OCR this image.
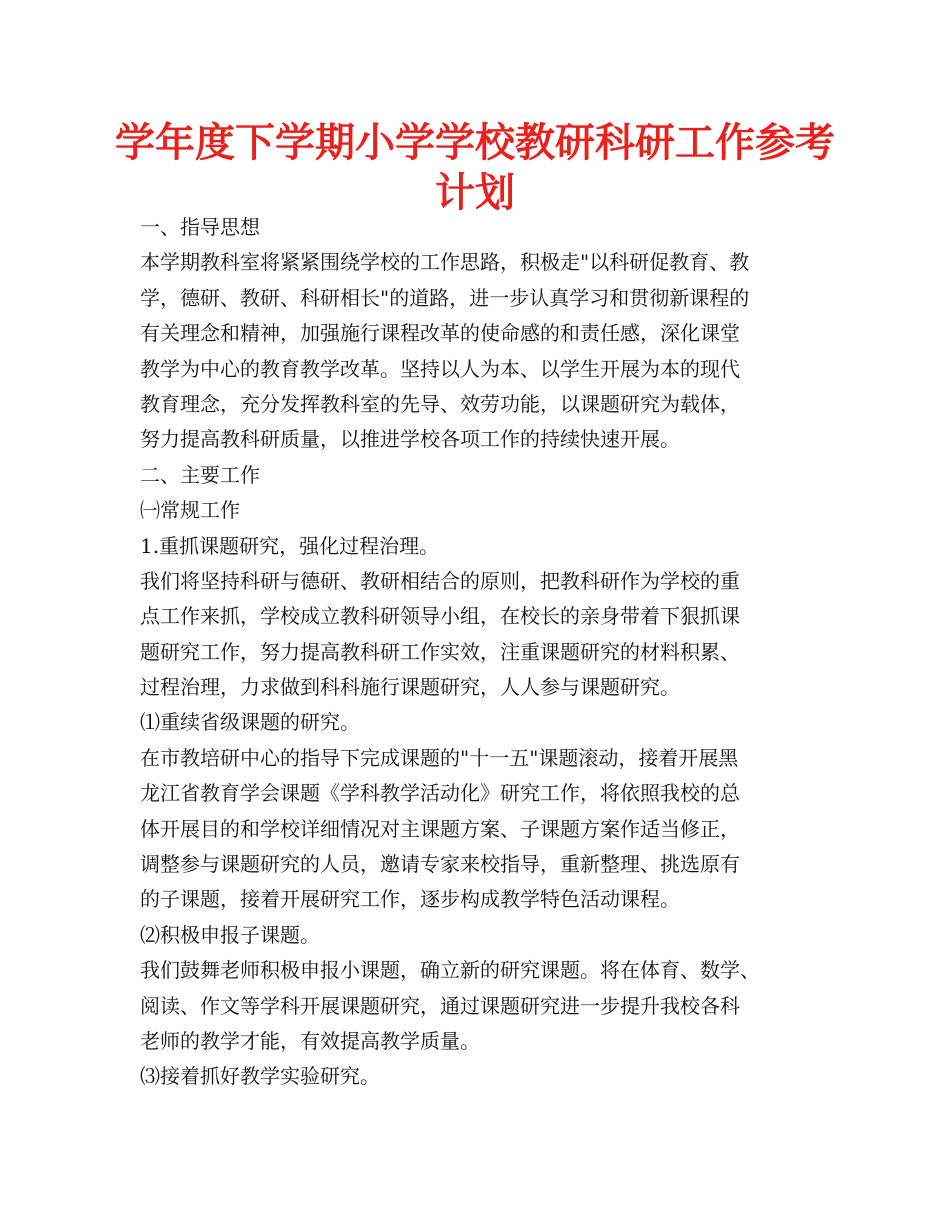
学年度下学期小学学校教研科研工作参考
计划
一、指导思想
本学期教科室将紧紧围绕学校的工作思路，积极走"以科研促教育、教
学，德研、教研、科研相长"的道路，进一步认真学习和贯彻新课程的
有关理念和精神，加强施行课程改革的使命感的和责任感，深化课堂
教学为中心的教育教学改革。坚持以人为本、以学生开展为本的现代
教育理念，充分发挥教科室的先导、效劳功能，以课题研究为载体，
努力提高教科研质量，以推进学校各项工作的持续快速开展。
二、主要工作
㈠常规工作
1.重抓课题研究，强化过程治理。
我们将坚持科研与德研、教研相结合的原则，把教科研作为学校的重
点工作来抓，学校成立教科研领导小组，在校长的亲身带着下狠抓课
题研究工作，努力提高教科研工作实效，注重课题研究的材料积累、
过程治理，力求做到科科施行课题研究，人人参与课题研究。
⑴重续省级课题的研究。
在市教培研中心的指导下完成课题的"十一五"课题滚动，接着开展黑
龙江省教育学会课题《学科教学活动化》研究工作，将依照我校的总
体开展目的和学校详细情况对主课题方案、子课题方案作适当修正，
调整参与课题研究的人员，邀请专家来校指导，重新整理、挑选原有
的子课题，接着开展研究工作，逐步构成教学特色活动课程。
⑵积极申报子课题。
我们鼓舞老师积极申报小课题，确立新的研究课题。将在体育、数学、
阅读、作文等学科开展课题研究，通过课题研究进一步提升我校各科
老师的教学才能，有效提高教学质量。
⑶接着抓好教学实验研究。
